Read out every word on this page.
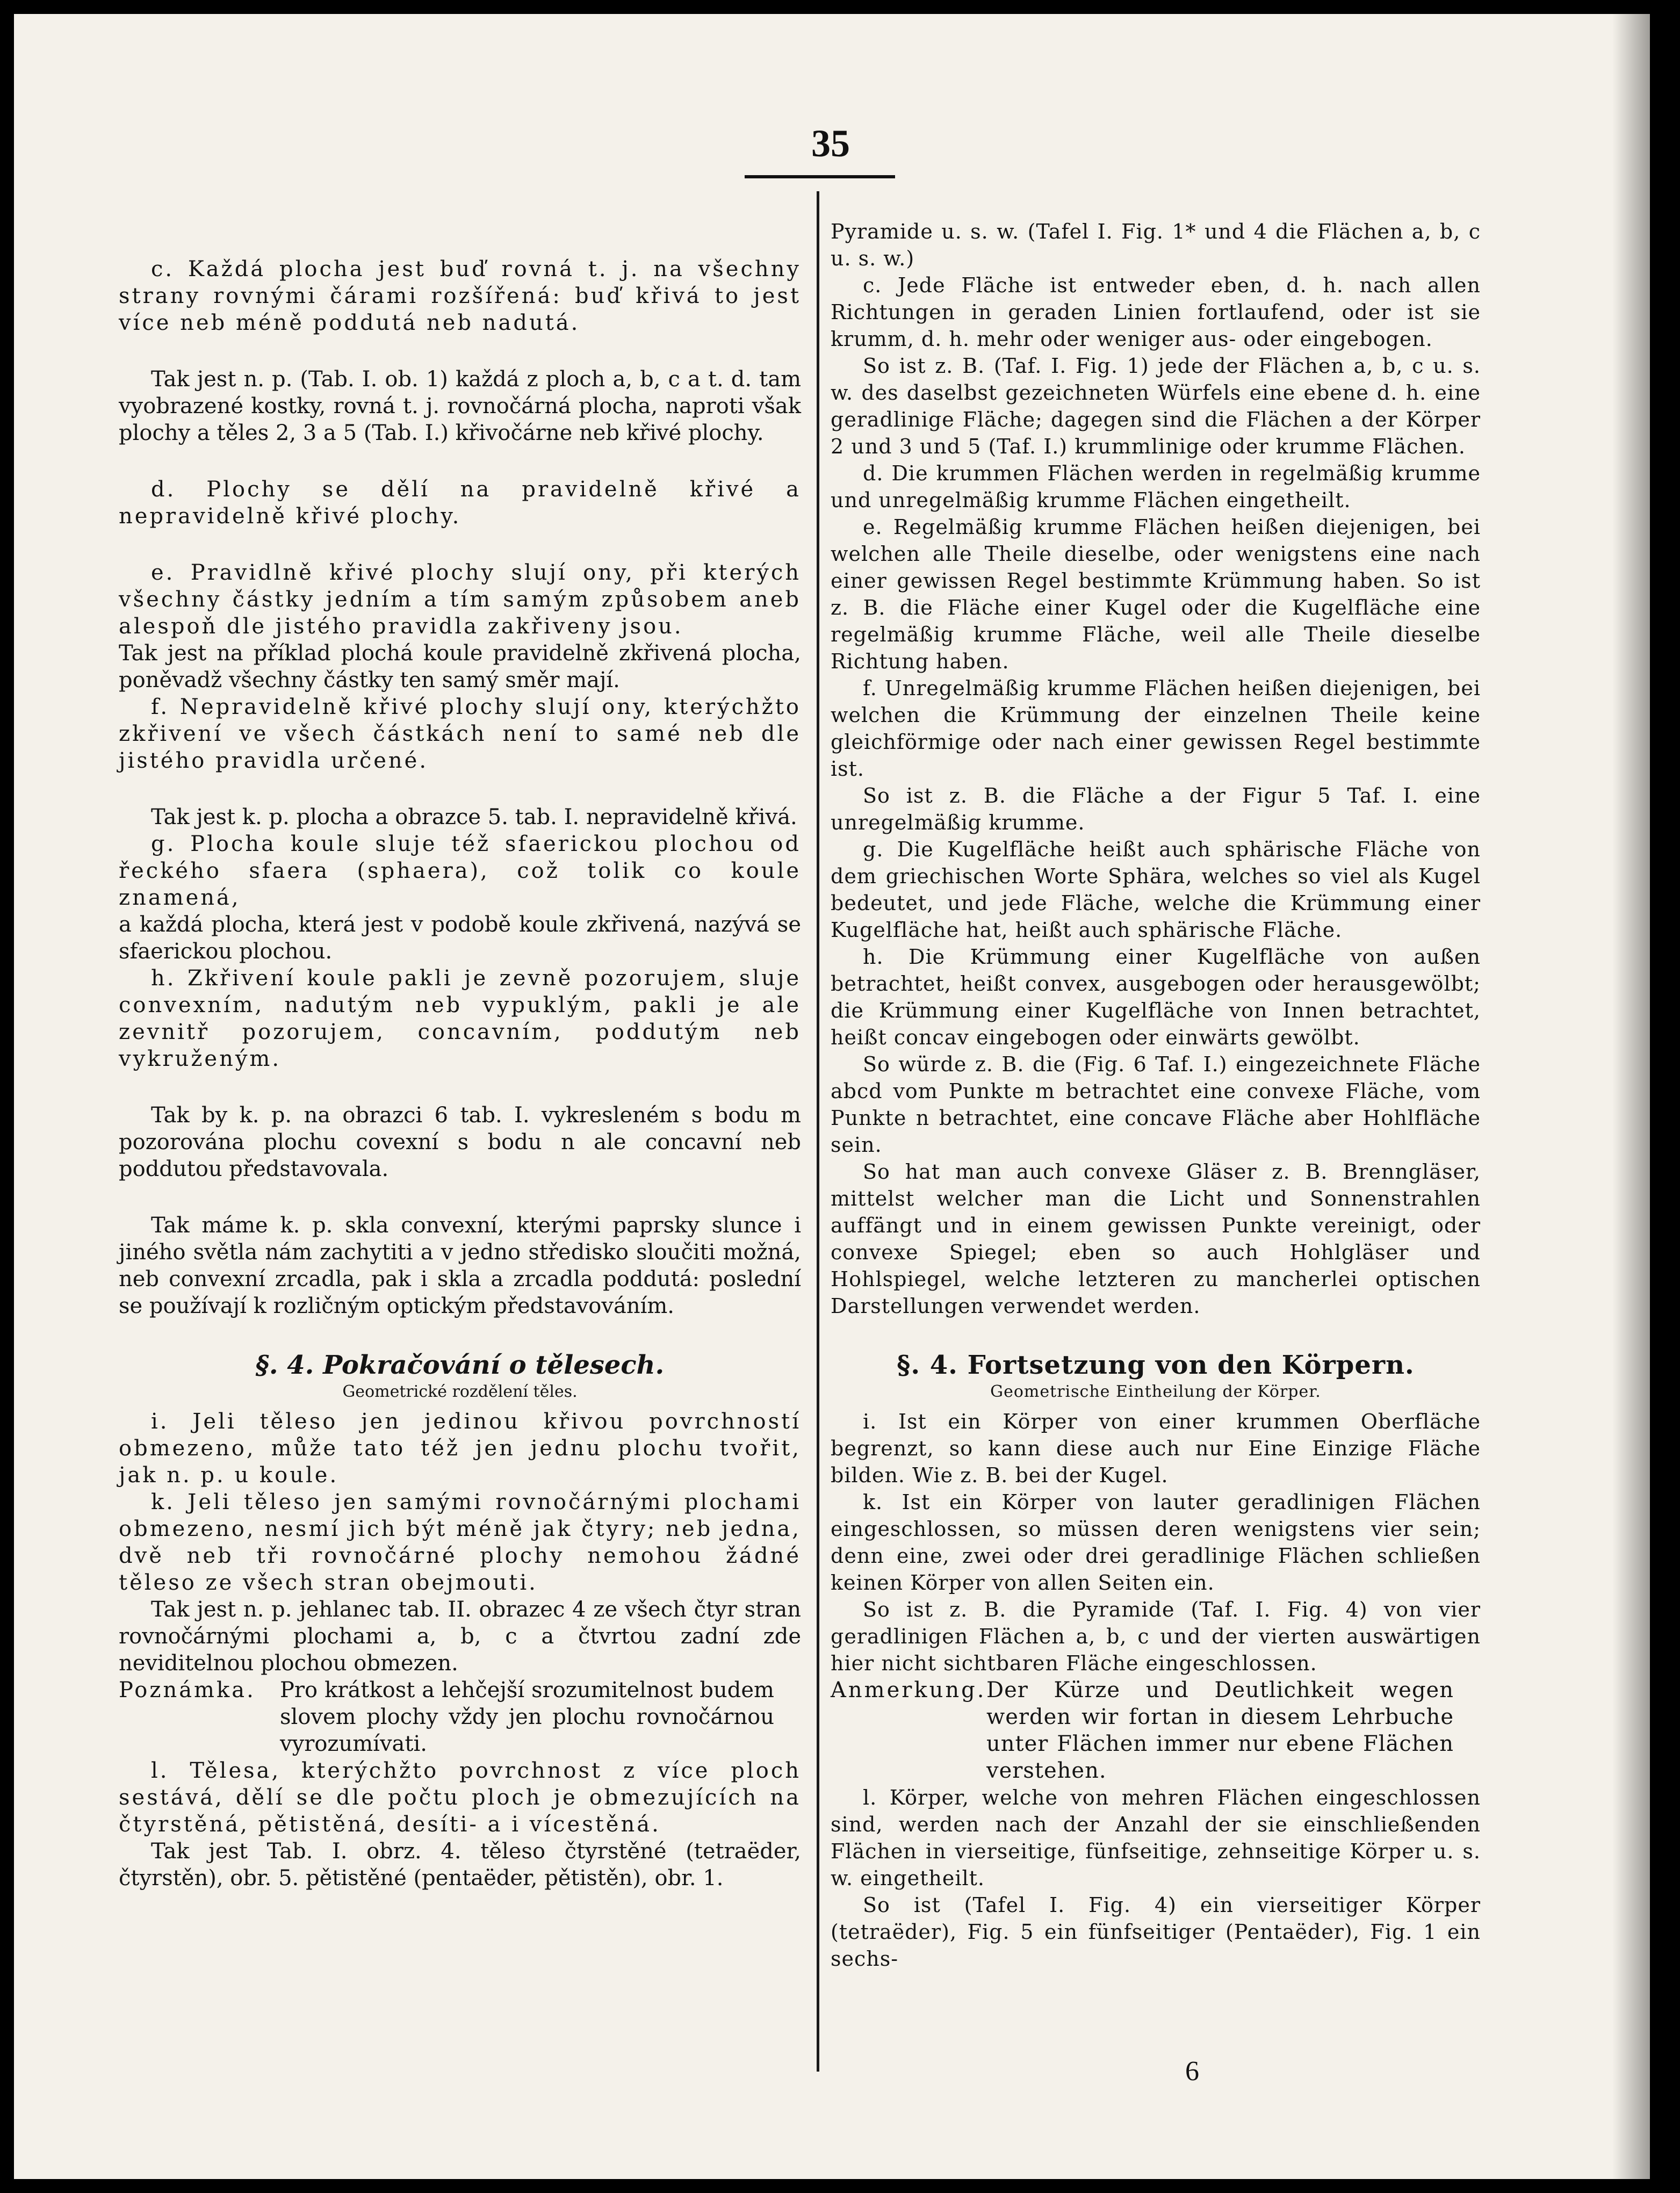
35

c. Každá plocha jest buď rovná t. j. na všechny strany rovnými čárami rozšířená: buď křivá to jest více neb méně poddutá neb nadutá.

Tak jest n. p. (Tab. I. ob. 1) každá z ploch a, b, c a t. d. tam vyobrazené kostky, rovná t. j. rovnočárná plocha, naproti však plochy a těles 2, 3 a 5 (Tab. I.) křivočárne neb křivé plochy.

d. Plochy se dělí na pravidelně křivé a nepravidelně křivé plochy.

e. Pravidlně křivé plochy slují ony, při kterých všechny částky jedním a tím samým způsobem aneb alespoň dle jistého pravidla zakřiveny jsou.

Tak jest na příklad plochá koule pravidelně zkřivená plocha, poněvadž všechny částky ten samý směr mají.

f. Nepravidelně křivé plochy slují ony, kterýchžto zkřivení ve všech částkách není to samé neb dle jistého pravidla určené.

Tak jest k. p. plocha a obrazce 5. tab. I. nepravidelně křivá.

g. Plocha koule sluje též sfaerickou plochou od řeckého sfaera (sphaera), což tolik co koule znamená,

a každá plocha, která jest v podobě koule zkřivená, nazývá se sfaerickou plochou.

h. Zkřivení koule pakli je zevně pozorujem, sluje convexním, nadutým neb vypuklým, pakli je ale zevnitř pozorujem, concavním, poddutým neb vykruženým.

Tak by k. p. na obrazci 6 tab. I. vykresleném s bodu m pozorována plochu covexní s bodu n ale concavní neb poddutou představovala.

Tak máme k. p. skla convexní, kterými paprsky slunce i jiného světla nám zachytiti a v jedno středisko sloučiti možná, neb convexní zrcadla, pak i skla a zrcadla poddutá: poslední se používají k rozličným optickým představováním.

§. 4. Pokračování o tělesech.

Geometrické rozdělení těles.

i. Jeli těleso jen jedinou křivou povrchností obmezeno, může tato též jen jednu plochu tvořit, jak n. p. u koule.

k. Jeli těleso jen samými rovnočárnými plochami obmezeno, nesmí jich být méně jak čtyry; neb jedna, dvě neb tři rovnočárné plochy nemohou žádné těleso ze všech stran obejmouti.

Tak jest n. p. jehlanec tab. II. obrazec 4 ze všech čtyr stran rovnočárnými plochami a, b, c a čtvrtou zadní zde neviditelnou plochou obmezen.

Poznámka. Pro krátkost a lehčejší srozumitelnost budem slovem plochy vždy jen plochu rovnočárnou vyrozumívati.

l. Tělesa, kterýchžto povrchnost z více ploch sestává, dělí se dle počtu ploch je obmezujících na čtyrstěná, pětistěná, desíti- a i vícestěná.

Tak jest Tab. I. obrz. 4. těleso čtyrstěné (tetraëder, čtyrstěn), obr. 5. pětistěné (pentaëder, pětistěn), obr. 1.

Pyramide u. s. w. (Tafel I. Fig. 1* und 4 die Flächen a, b, c u. s. w.)

c. Jede Fläche ist entweder eben, d. h. nach allen Richtungen in geraden Linien fortlaufend, oder ist sie krumm, d. h. mehr oder weniger aus- oder eingebogen.

So ist z. B. (Taf. I. Fig. 1) jede der Flächen a, b, c u. s. w. des daselbst gezeichneten Würfels eine ebene d. h. eine geradlinige Fläche; dagegen sind die Flächen a der Körper 2 und 3 und 5 (Taf. I.) krummlinige oder krumme Flächen.

d. Die krummen Flächen werden in regelmäßig krumme und unregelmäßig krumme Flächen eingetheilt.

e. Regelmäßig krumme Flächen heißen diejenigen, bei welchen alle Theile dieselbe, oder wenigstens eine nach einer gewissen Regel bestimmte Krümmung haben. So ist z. B. die Fläche einer Kugel oder die Kugelfläche eine regelmäßig krumme Fläche, weil alle Theile dieselbe Richtung haben.

f. Unregelmäßig krumme Flächen heißen diejenigen, bei welchen die Krümmung der einzelnen Theile keine gleichförmige oder nach einer gewissen Regel bestimmte ist.

So ist z. B. die Fläche a der Figur 5 Taf. I. eine unregelmäßig krumme.

g. Die Kugelfläche heißt auch sphärische Fläche von dem griechischen Worte Sphära, welches so viel als Kugel bedeutet, und jede Fläche, welche die Krümmung einer Kugelfläche hat, heißt auch sphärische Fläche.

h. Die Krümmung einer Kugelfläche von außen betrachtet, heißt convex, ausgebogen oder herausgewölbt; die Krümmung einer Kugelfläche von Innen betrachtet, heißt concav eingebogen oder einwärts gewölbt.

So würde z. B. die (Fig. 6 Taf. I.) eingezeichnete Fläche abcd vom Punkte m betrachtet eine convexe Fläche, vom Punkte n betrachtet, eine concave Fläche aber Hohlfläche sein.

So hat man auch convexe Gläser z. B. Brenngläser, mittelst welcher man die Licht und Sonnenstrahlen auffängt und in einem gewissen Punkte vereinigt, oder convexe Spiegel; eben so auch Hohlgläser und Hohlspiegel, welche letzteren zu mancherlei optischen Darstellungen verwendet werden.

§. 4. Fortsetzung von den Körpern.

Geometrische Eintheilung der Körper.

i. Ist ein Körper von einer krummen Oberfläche begrenzt, so kann diese auch nur Eine Einzige Fläche bilden. Wie z. B. bei der Kugel.

k. Ist ein Körper von lauter geradlinigen Flächen eingeschlossen, so müssen deren wenigstens vier sein; denn eine, zwei oder drei geradlinige Flächen schließen keinen Körper von allen Seiten ein.

So ist z. B. die Pyramide (Taf. I. Fig. 4) von vier geradlinigen Flächen a, b, c und der vierten auswärtigen hier nicht sichtbaren Fläche eingeschlossen.

Anmerkung.Der Kürze und Deutlichkeit wegen werden wir fortan in diesem Lehrbuche unter Flächen immer nur ebene Flächen verstehen.

l. Körper, welche von mehren Flächen eingeschlossen sind, werden nach der Anzahl der sie einschließenden Flächen in vierseitige, fünfseitige, zehnseitige Körper u. s. w. eingetheilt.

So ist (Tafel I. Fig. 4) ein vierseitiger Körper (tetraëder), Fig. 5 ein fünfseitiger (Pentaëder), Fig. 1 ein sechs-

6
